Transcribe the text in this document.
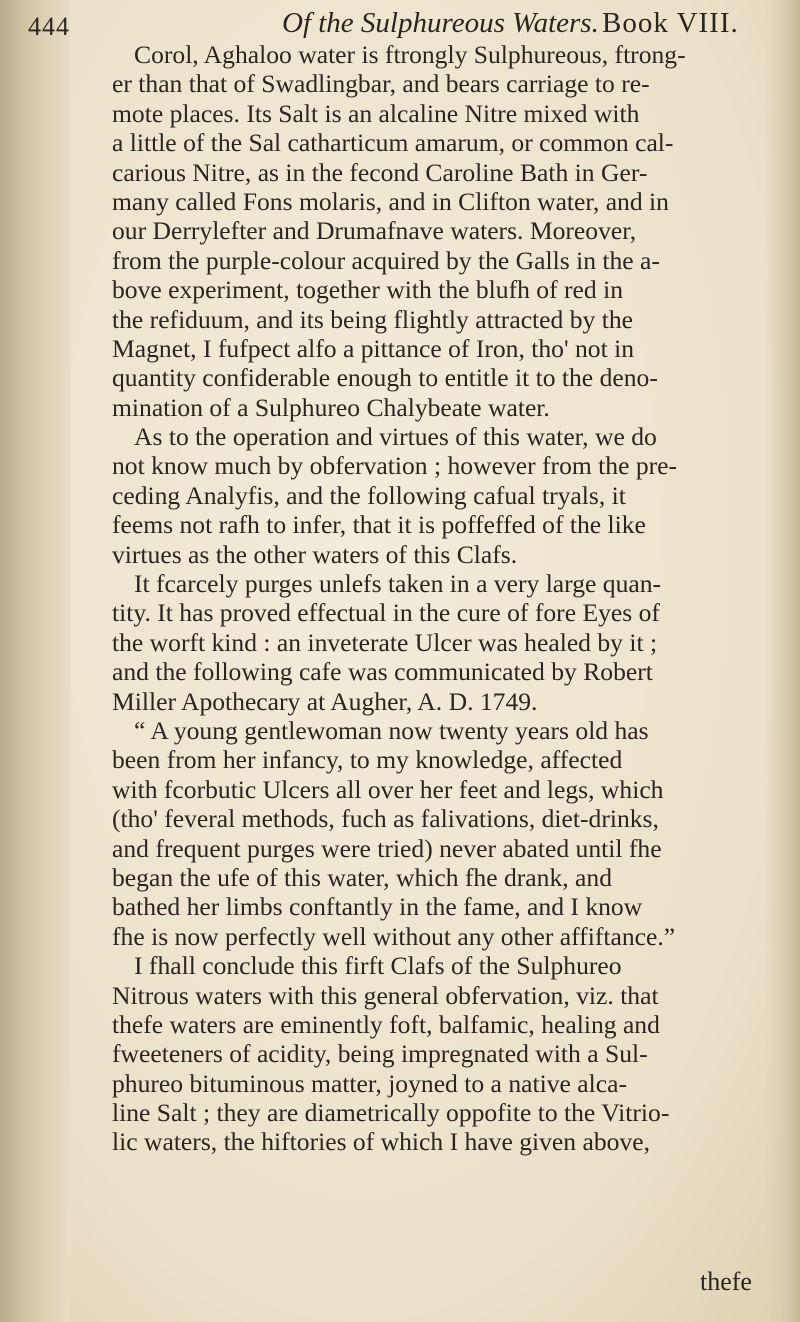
444	Of the Sulphureous Waters. Book VIII.
Corol, Aghaloo water is ftrongly Sulphureous, ftrong-
er than that of Swadlingbar, and bears carriage to re-
mote places. Its Salt is an alcaline Nitre mixed with
a little of the Sal catharticum amarum, or common cal-
carious Nitre, as in the fecond Caroline Bath in Ger-
many called Fons molaris, and in Clifton water, and in
our Derrylefter and Drumafnave waters. Moreover,
from the purple-colour acquired by the Galls in the a-
bove experiment, together with the blufh of red in
the refiduum, and its being flightly attracted by the
Magnet, I fufpect alfo a pittance of Iron, tho' not in
quantity confiderable enough to entitle it to the deno-
mination of a Sulphureo Chalybeate water.
As to the operation and virtues of this water, we do
not know much by obfervation ; however from the pre-
ceding Analyfis, and the following cafual tryals, it
feems not rafh to infer, that it is poffeffed of the like
virtues as the other waters of this Clafs.
It fcarcely purges unlefs taken in a very large quan-
tity. It has proved effectual in the cure of fore Eyes of
the worft kind : an inveterate Ulcer was healed by it ;
and the following cafe was communicated by Robert
Miller Apothecary at Augher, A. D. 1749.
“ A young gentlewoman now twenty years old has
been from her infancy, to my knowledge, affected
with fcorbutic Ulcers all over her feet and legs, which
(tho' feveral methods, fuch as falivations, diet-drinks,
and frequent purges were tried) never abated until fhe
began the ufe of this water, which fhe drank, and
bathed her limbs conftantly in the fame, and I know
fhe is now perfectly well without any other affiftance.”
I fhall conclude this firft Clafs of the Sulphureo
Nitrous waters with this general obfervation, viz. that
thefe waters are eminently foft, balfamic, healing and
fweeteners of acidity, being impregnated with a Sul-
phureo bituminous matter, joyned to a native alca-
line Salt ; they are diametrically oppofite to the Vitrio-
lic waters, the hiftories of which I have given above,
thefe
